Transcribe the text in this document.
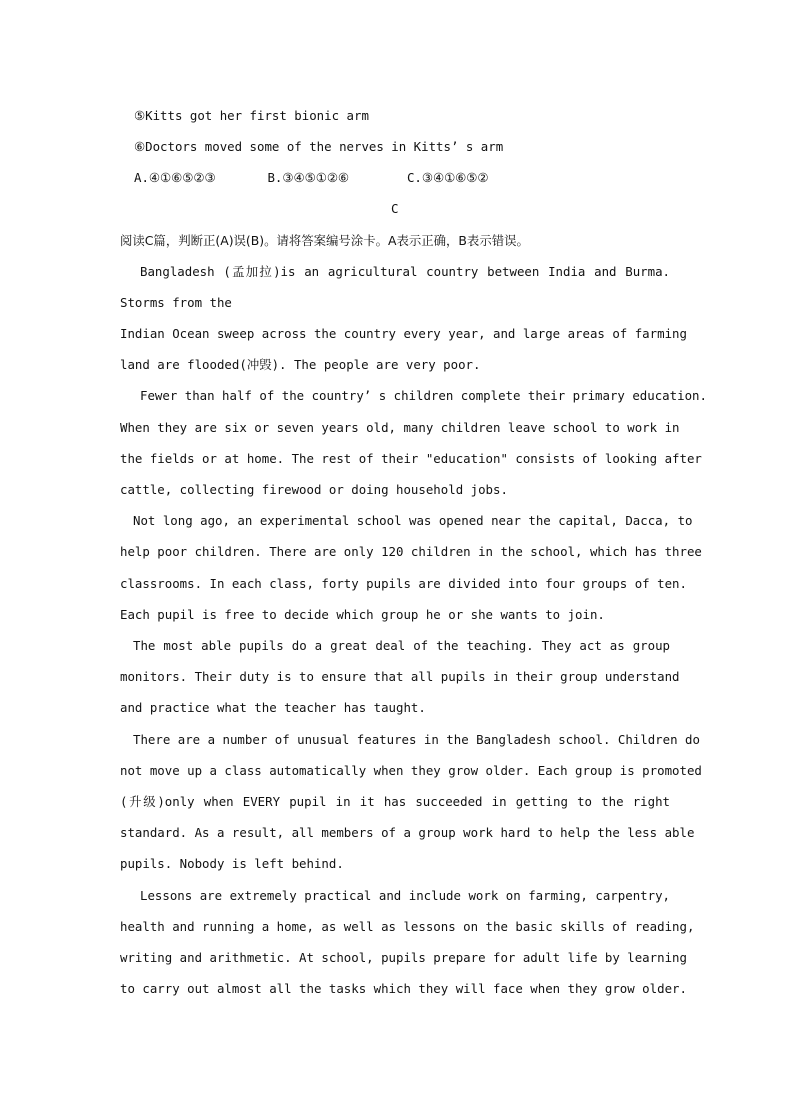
⑤Kitts got her first bionic arm
⑥Doctors moved some of the nerves in Kitts’ s arm
A.④①⑥⑤②③	B.③④⑤①②⑥	C.③④①⑥⑤②
C
阅读C篇，判断正(A)误(B)。请将答案编号涂卡。A表示正确，B表示错误。
Bangladesh (孟加拉)is an agricultural country between India and Burma.
Storms from the
Indian Ocean sweep across the country every year, and large areas of farming
land are flooded(冲毁). The people are very poor.
Fewer than half of the country’ s children complete their primary education.
When they are six or seven years old, many children leave school to work in
the fields or at home. The rest of their "education" consists of looking after
cattle, collecting firewood or doing household jobs.
Not long ago, an experimental school was opened near the capital, Dacca, to
help poor children. There are only 120 children in the school, which has three
classrooms. In each class, forty pupils are divided into four groups of ten.
Each pupil is free to decide which group he or she wants to join.
The most able pupils do a great deal of the teaching. They act as group
monitors. Their duty is to ensure that all pupils in their group understand
and practice what the teacher has taught.
There are a number of unusual features in the Bangladesh school. Children do
not move up a class automatically when they grow older. Each group is promoted
(升级)only when EVERY pupil in it has succeeded in getting to the right
standard. As a result, all members of a group work hard to help the less able
pupils. Nobody is left behind.
Lessons are extremely practical and include work on farming, carpentry,
health and running a home, as well as lessons on the basic skills of reading,
writing and arithmetic. At school, pupils prepare for adult life by learning
to carry out almost all the tasks which they will face when they grow older.
